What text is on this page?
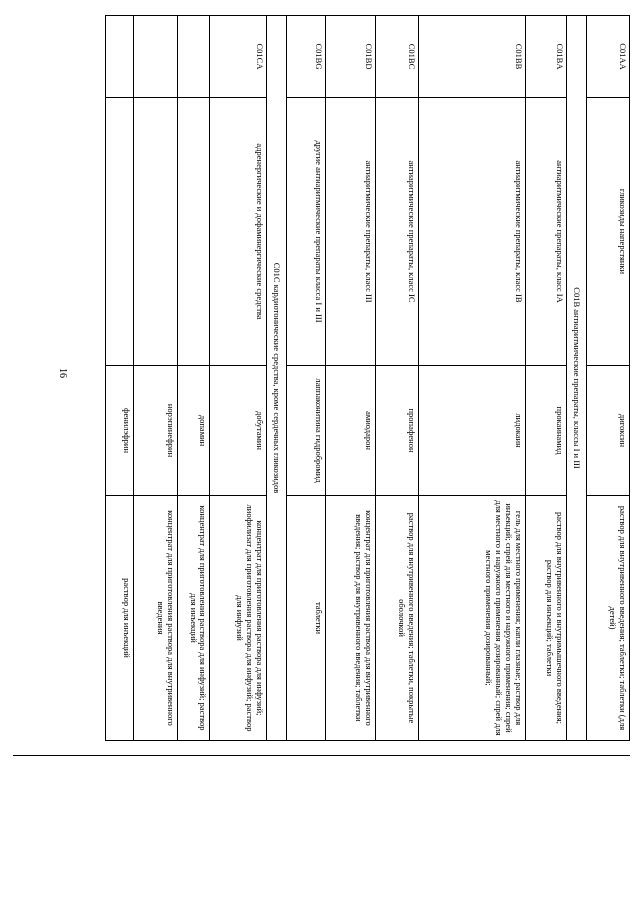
16
C01AA	гликозиды наперстянки	дигоксин	раствор для внутривенного введения; таблетки; таблетки (для детей)
C01B антиаритмические препараты, классы I и III			
C01BA	антиаритмические препараты, класс IA	прокаинамид	раствор для внутривенного и внутримышечного введения; раствор для инъекций; таблетки
C01BB	антиаритмические препараты, класс IB	лидокаин	гель для местного применения; капли глазные; раствор для инъекций; спрей для местного и наружного применения; спрей для местного и наружного применения дозированный; спрей для местного применения дозированный;
C01BC	антиаритмические препараты, класс IC	пропафенон	раствор для внутривенного введения; таблетки, покрытые оболочкой
C01BD	антиаритмические препараты, класс III	амиодарон	концентрат для приготовления раствора для внутривенного введения; раствор для внутривенного введения; таблетки
C01BG	другие антиаритмические препараты класса I и III	лаппаконитина гидробромид	таблетки
C01C кардиотонические средства, кроме сердечных гликозидов			
C01CA	адренергические и дофаминергические средства	добутамин	концентрат для приготовления раствора для инфузий; лиофилизат для приготовления раствора для инфузий; раствор для инфузий
		допамин	концентрат для приготовления раствора для инфузий; раствор для инъекций
		норэпинефрин	концентрат для приготовления раствора для внутривенного введения
		фенилэфрин	раствор для инъекций
